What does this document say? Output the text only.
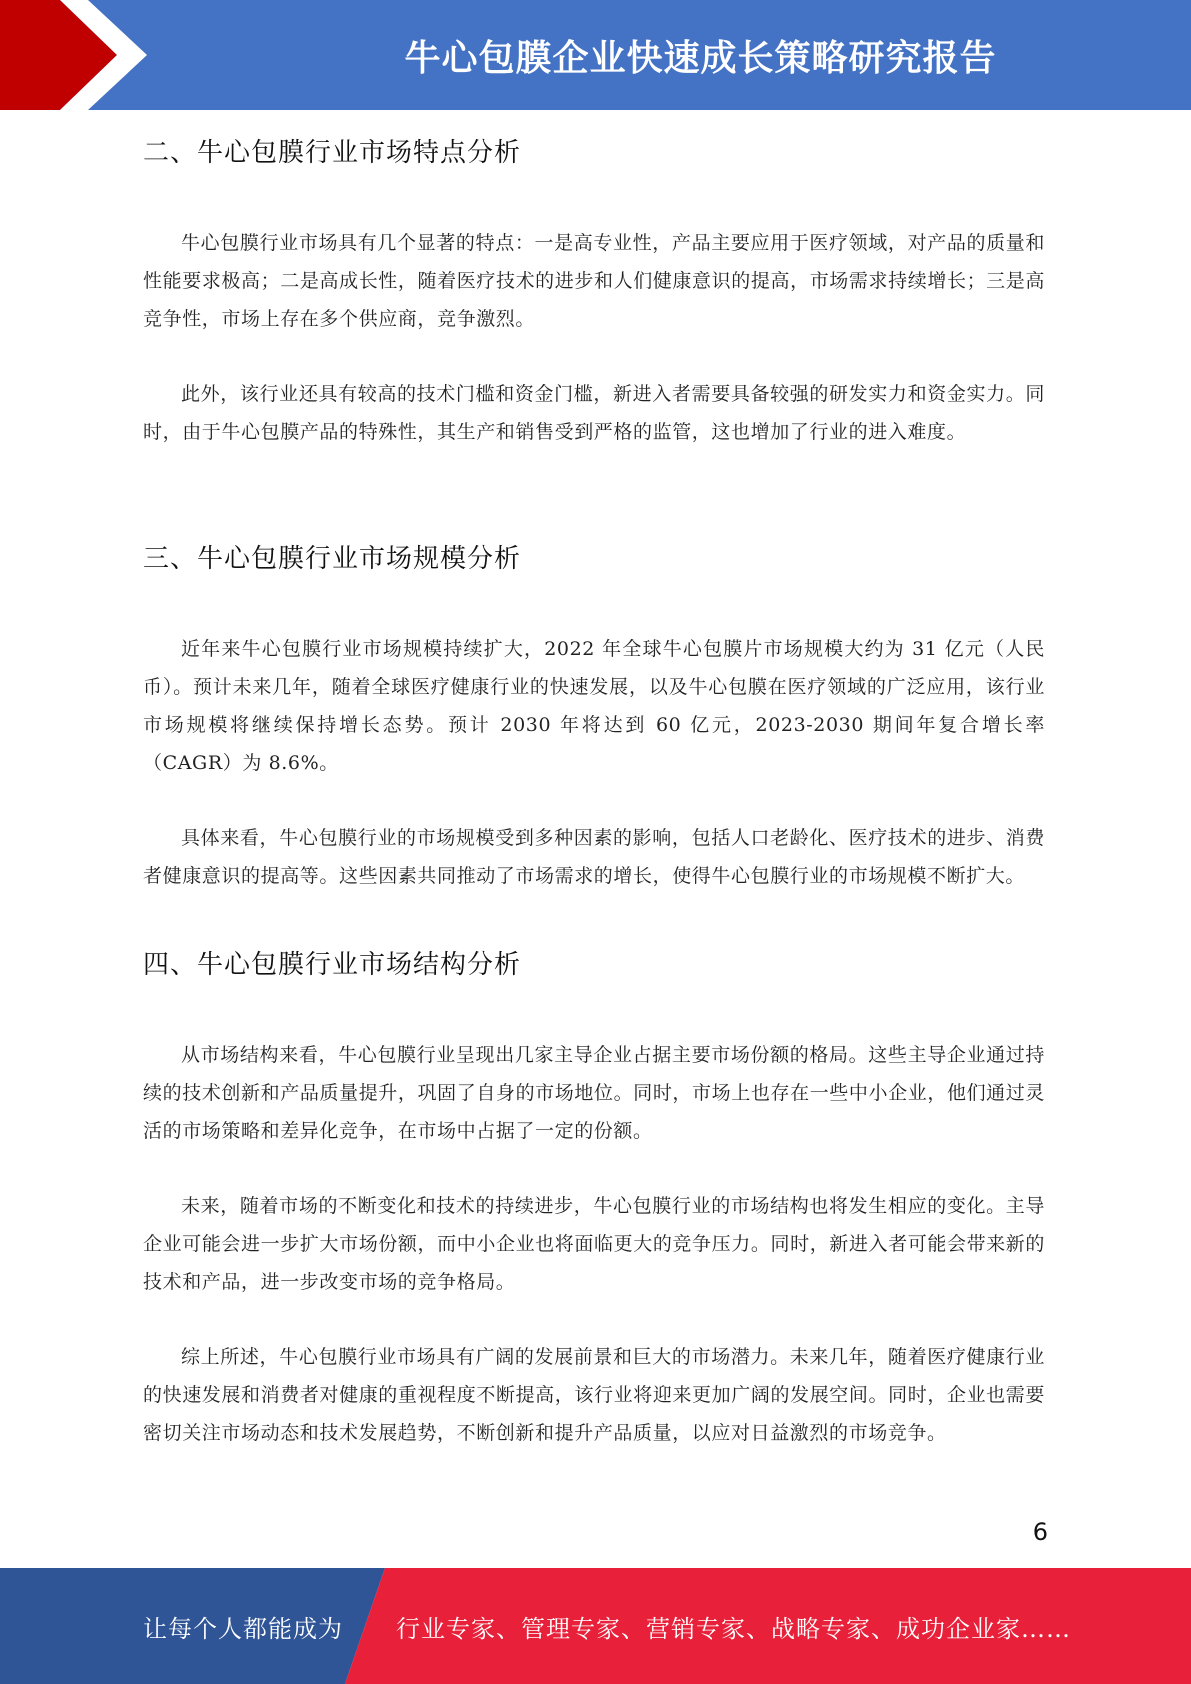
牛心包膜企业快速成长策略研究报告
二、牛心包膜行业市场特点分析

牛心包膜行业市场具有几个显著的特点：一是高专业性，产品主要应用于医疗领域，对产品的质量和性能要求极高；二是高成长性，随着医疗技术的进步和人们健康意识的提高，市场需求持续增长；三是高竞争性，市场上存在多个供应商，竞争激烈。

此外，该行业还具有较高的技术门槛和资金门槛，新进入者需要具备较强的研发实力和资金实力。同时，由于牛心包膜产品的特殊性，其生产和销售受到严格的监管，这也增加了行业的进入难度。

三、牛心包膜行业市场规模分析

近年来牛心包膜行业市场规模持续扩大，2022 年全球牛心包膜片市场规模大约为 31 亿元（人民币）。预计未来几年，随着全球医疗健康行业的快速发展，以及牛心包膜在医疗领域的广泛应用，该行业市场规模将继续保持增长态势。预计 2030 年将达到 60 亿元，2023-2030 期间年复合增长率（CAGR）为 8.6%。

具体来看，牛心包膜行业的市场规模受到多种因素的影响，包括人口老龄化、医疗技术的进步、消费者健康意识的提高等。这些因素共同推动了市场需求的增长，使得牛心包膜行业的市场规模不断扩大。

四、牛心包膜行业市场结构分析

从市场结构来看，牛心包膜行业呈现出几家主导企业占据主要市场份额的格局。这些主导企业通过持续的技术创新和产品质量提升，巩固了自身的市场地位。同时，市场上也存在一些中小企业，他们通过灵活的市场策略和差异化竞争，在市场中占据了一定的份额。

未来，随着市场的不断变化和技术的持续进步，牛心包膜行业的市场结构也将发生相应的变化。主导企业可能会进一步扩大市场份额，而中小企业也将面临更大的竞争压力。同时，新进入者可能会带来新的技术和产品，进一步改变市场的竞争格局。

综上所述，牛心包膜行业市场具有广阔的发展前景和巨大的市场潜力。未来几年，随着医疗健康行业的快速发展和消费者对健康的重视程度不断提高，该行业将迎来更加广阔的发展空间。同时，企业也需要密切关注市场动态和技术发展趋势，不断创新和提升产品质量，以应对日益激烈的市场竞争。

6
让每个人都能成为 行业专家、管理专家、营销专家、战略专家、成功企业家……
